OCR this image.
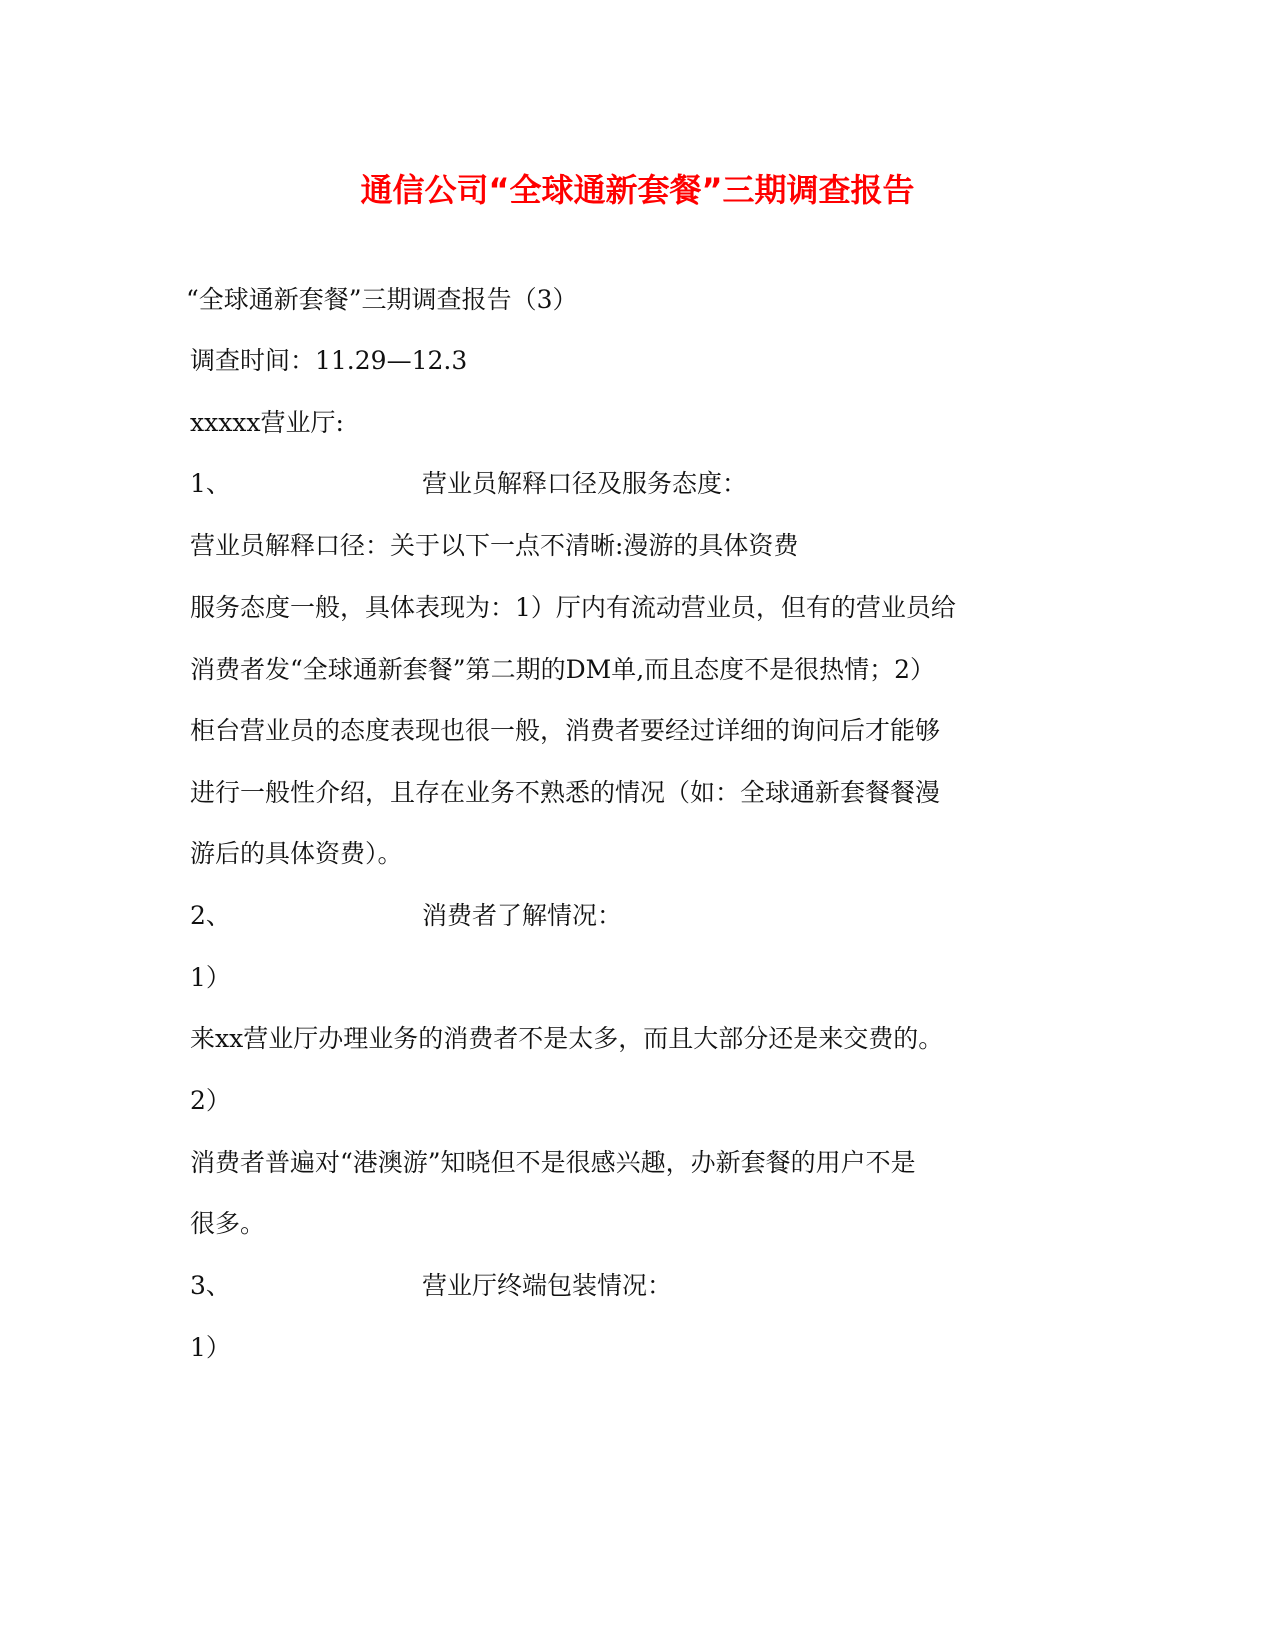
通信公司“全球通新套餐”三期调查报告
“全球通新套餐”三期调查报告（3）
调查时间：11.29—12.3
xxxxx营业厅:
1、	营业员解释口径及服务态度：
营业员解释口径：关于以下一点不清晰:漫游的具体资费
服务态度一般，具体表现为：1）厅内有流动营业员，但有的营业员给
消费者发“全球通新套餐”第二期的DM单,而且态度不是很热情；2）
柜台营业员的态度表现也很一般，消费者要经过详细的询问后才能够
进行一般性介绍，且存在业务不熟悉的情况（如：全球通新套餐餐漫
游后的具体资费）。
2、	消费者了解情况：
1）
来xx营业厅办理业务的消费者不是太多，而且大部分还是来交费的。
2）
消费者普遍对“港澳游”知晓但不是很感兴趣，办新套餐的用户不是
很多。
3、	营业厅终端包装情况：
1）
